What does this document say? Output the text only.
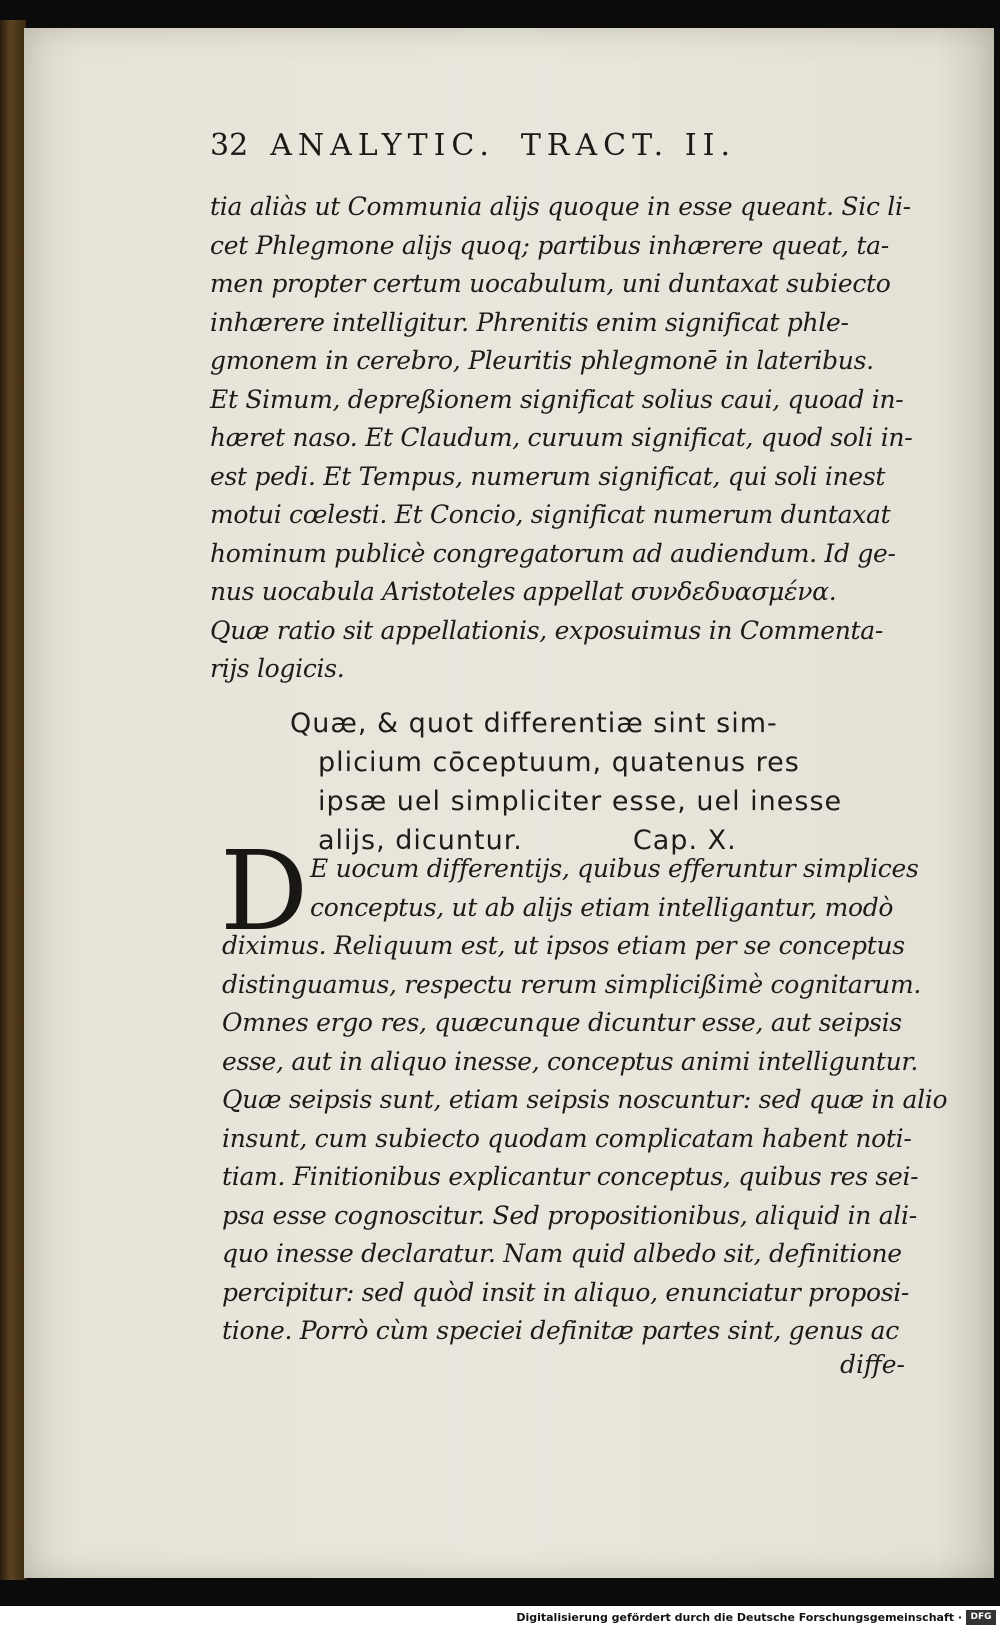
32 ANALYTIC. TRACT. II.
tia aliàs ut Communia alijs quoque in esse queant. Sic li-
cet Phlegmone alijs quoq; partibus inhærere queat, ta-
men propter certum uocabulum, uni duntaxat subiecto
inhærere intelligitur. Phrenitis enim significat phle-
gmonem in cerebro, Pleuritis phlegmonē in lateribus.
Et Simum, depreßionem significat solius caui, quoad in-
hæret naso. Et Claudum, curuum significat, quod soli in-
est pedi. Et Tempus, numerum significat, qui soli inest
motui cœlesti. Et Concio, significat numerum duntaxat
hominum publicè congregatorum ad audiendum. Id ge-
nus uocabula Aristoteles appellat συνδεδυασμένα.
Quæ ratio sit appellationis, exposuimus in Commenta-
rijs logicis.
Quæ, & quot differentiæ sint sim-
plicium cōceptuum, quatenus res
ipsæ uel simpliciter esse, uel inesse
alijs, dicuntur.	Cap. X.
D E uocum differentijs, quibus efferuntur simplices
conceptus, ut ab alijs etiam intelligantur, modò
diximus. Reliquum est, ut ipsos etiam per se conceptus
distinguamus, respectu rerum simplicißimè cognitarum.
Omnes ergo res, quæcunque dicuntur esse, aut seipsis
esse, aut in aliquo inesse, conceptus animi intelliguntur.
Quæ seipsis sunt, etiam seipsis noscuntur: sed quæ in alio
insunt, cum subiecto quodam complicatam habent noti-
tiam. Finitionibus explicantur conceptus, quibus res sei-
psa esse cognoscitur. Sed propositionibus, aliquid in ali-
quo inesse declaratur. Nam quid albedo sit, definitione
percipitur: sed quòd insit in aliquo, enunciatur proposi-
tione. Porrò cùm speciei definitæ partes sint, genus ac
diffe-
Digitalisierung gefördert durch die Deutsche Forschungsgemeinschaft · DFG
